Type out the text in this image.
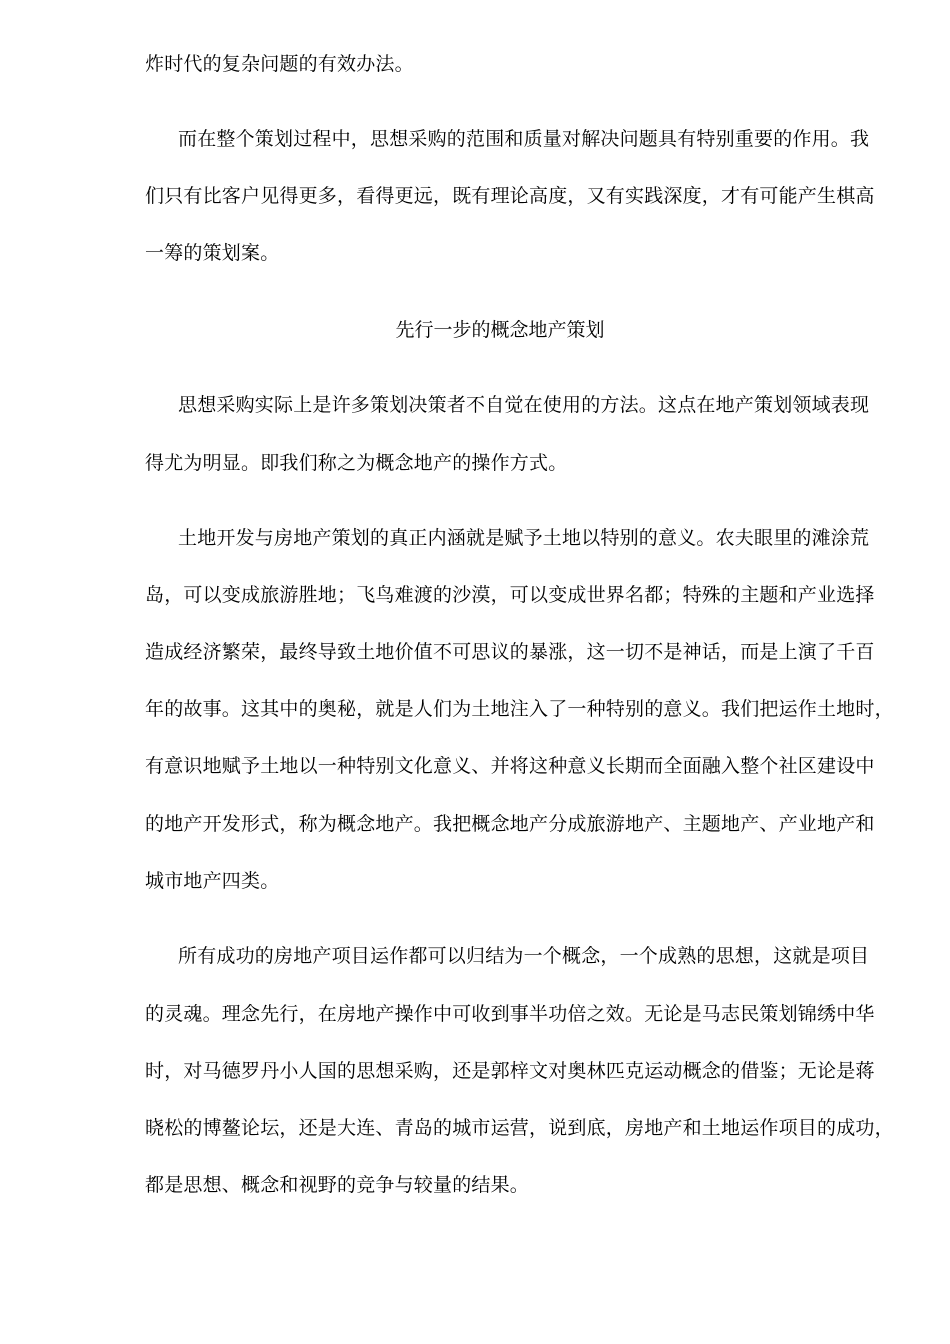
炸时代的复杂问题的有效办法。
而在整个策划过程中，思想采购的范围和质量对解决问题具有特别重要的作用。我
们只有比客户见得更多，看得更远，既有理论高度，又有实践深度，才有可能产生棋高
一筹的策划案。
先行一步的概念地产策划
思想采购实际上是许多策划决策者不自觉在使用的方法。这点在地产策划领域表现
得尤为明显。即我们称之为概念地产的操作方式。
土地开发与房地产策划的真正内涵就是赋予土地以特别的意义。农夫眼里的滩涂荒
岛，可以变成旅游胜地；飞鸟难渡的沙漠，可以变成世界名都；特殊的主题和产业选择
造成经济繁荣，最终导致土地价值不可思议的暴涨，这一切不是神话，而是上演了千百
年的故事。这其中的奥秘，就是人们为土地注入了一种特别的意义。我们把运作土地时，
有意识地赋予土地以一种特别文化意义、并将这种意义长期而全面融入整个社区建设中
的地产开发形式，称为概念地产。我把概念地产分成旅游地产、主题地产、产业地产和
城市地产四类。
所有成功的房地产项目运作都可以归结为一个概念，一个成熟的思想，这就是项目
的灵魂。理念先行，在房地产操作中可收到事半功倍之效。无论是马志民策划锦绣中华
时，对马德罗丹小人国的思想采购，还是郭梓文对奥林匹克运动概念的借鉴；无论是蒋
晓松的博鳌论坛，还是大连、青岛的城市运营，说到底，房地产和土地运作项目的成功，
都是思想、概念和视野的竞争与较量的结果。
